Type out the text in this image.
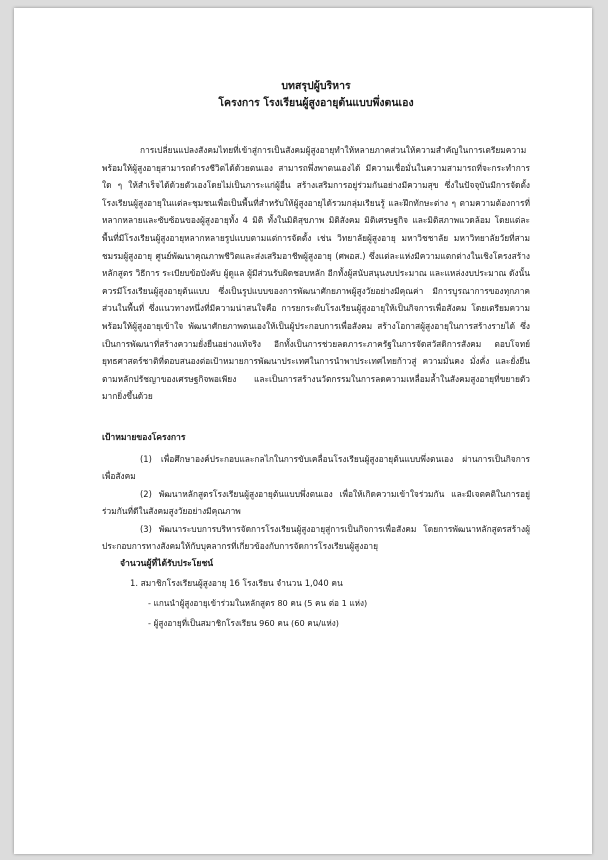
บทสรุปผู้บริหาร

โครงการ โรงเรียนผู้สูงอายุต้นแบบพึ่งตนเอง

การเปลี่ยนแปลงสังคมไทยที่เข้าสู่การเป็นสังคมผู้สูงอายุทำให้หลายภาคส่วนให้ความสำคัญในการเตรียมความพร้อมให้ผู้สูงอายุสามารถดำรงชีวิตได้ด้วยตนเอง สามารถพึ่งพาตนเองได้ มีความเชื่อมั่นในความสามารถที่จะกระทำการใด ๆ ให้สำเร็จได้ด้วยตัวเองโดยไม่เป็นภาระแก่ผู้อื่น สร้างเสริมการอยู่ร่วมกันอย่างมีความสุข ซึ่งในปัจจุบันมีการจัดตั้งโรงเรียนผู้สูงอายุในแต่ละชุมชนเพื่อเป็นพื้นที่สำหรับให้ผู้สูงอายุได้รวมกลุ่มเรียนรู้ และฝึกทักษะต่าง ๆ ตามความต้องการที่หลากหลายและซับซ้อนของผู้สูงอายุทั้ง 4 มิติ ทั้งในมิติสุขภาพ มิติสังคม มิติเศรษฐกิจ และมิติสภาพแวดล้อม โดยแต่ละพื้นที่มีโรงเรียนผู้สูงอายุหลากหลายรูปแบบตามแต่การจัดตั้ง เช่น วิทยาลัยผู้สูงอายุ มหาวิชชาลัย มหาวิทยาลัยวัยที่สาม ชมรมผู้สูงอายุ ศูนย์พัฒนาคุณภาพชีวิตและส่งเสริมอาชีพผู้สูงอายุ (ศพอส.) ซึ่งแต่ละแห่งมีความแตกต่างในเชิงโครงสร้าง หลักสูตร วิธีการ ระเบียบข้อบังคับ ผู้ดูแล ผู้มีส่วนรับผิดชอบหลัก อีกทั้งผู้สนับสนุนงบประมาณ และแหล่งงบประมาณ ดังนั้นควรมีโรงเรียนผู้สูงอายุต้นแบบ ซึ่งเป็นรูปแบบของการพัฒนาศักยภาพผู้สูงวัยอย่างมีคุณค่า มีการบูรณาการของทุกภาคส่วนในพื้นที่ ซึ่งแนวทางหนึ่งที่มีความน่าสนใจคือ การยกระดับโรงเรียนผู้สูงอายุให้เป็นกิจการเพื่อสังคม โดยเตรียมความพร้อมให้ผู้สูงอายุเข้าใจ พัฒนาศักยภาพตนเองให้เป็นผู้ประกอบการเพื่อสังคม สร้างโอกาสผู้สูงอายุในการสร้างรายได้ ซึ่งเป็นการพัฒนาที่สร้างความยั่งยืนอย่างแท้จริง อีกทั้งเป็นการช่วยลดภาระภาครัฐในการจัดสวัสดิการสังคม ตอบโจทย์ยุทธศาสตร์ชาติที่ตอบสนองต่อเป้าหมายการพัฒนาประเทศในการนำพาประเทศไทยก้าวสู่ ความมั่นคง มั่งคั่ง และยั่งยืน ตามหลักปรัชญาของเศรษฐกิจพอเพียง และเป็นการสร้างนวัตกรรมในการลดความเหลื่อมล้ำในสังคมสูงอายุที่ขยายตัวมากยิ่งขึ้นด้วย

เป้าหมายของโครงการ

(1) เพื่อศึกษาองค์ประกอบและกลไกในการขับเคลื่อนโรงเรียนผู้สูงอายุต้นแบบพึ่งตนเอง ผ่านการเป็นกิจการเพื่อสังคม

(2) พัฒนาหลักสูตรโรงเรียนผู้สูงอายุต้นแบบพึ่งตนเอง เพื่อให้เกิดความเข้าใจร่วมกัน และมีเจตคติในการอยู่ร่วมกันที่ดีในสังคมสูงวัยอย่างมีคุณภาพ

(3) พัฒนาระบบการบริหารจัดการโรงเรียนผู้สูงอายุสู่การเป็นกิจการเพื่อสังคม โดยการพัฒนาหลักสูตรสร้างผู้ประกอบการทางสังคมให้กับบุคลากรที่เกี่ยวข้องกับการจัดการโรงเรียนผู้สูงอายุ

จำนวนผู้ที่ได้รับประโยชน์

1. สมาชิกโรงเรียนผู้สูงอายุ 16 โรงเรียน จำนวน 1,040 คน

- แกนนำผู้สูงอายุเข้าร่วมในหลักสูตร 80 คน (5 คน ต่อ 1 แห่ง)

- ผู้สูงอายุที่เป็นสมาชิกโรงเรียน 960 คน (60 คน/แห่ง)
